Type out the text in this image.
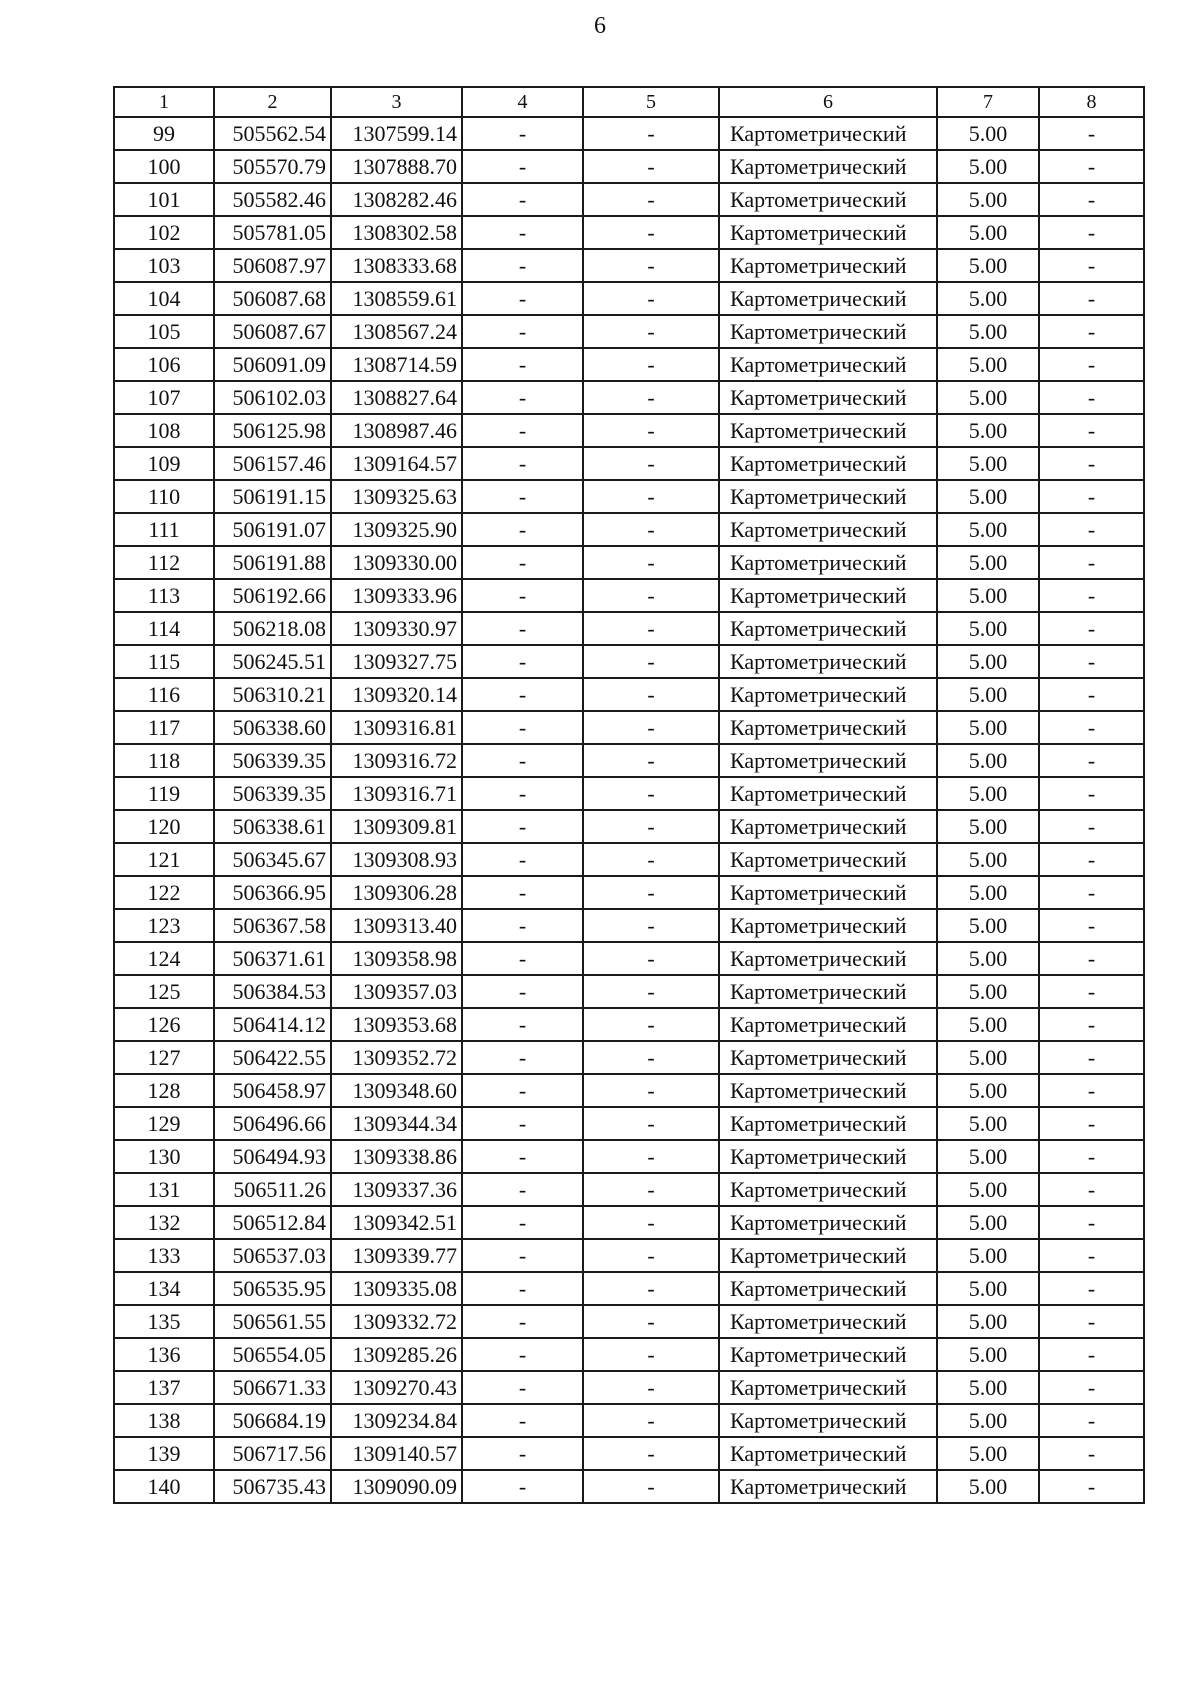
6
1	2	3	4	5	6	7	8
99	505562.54	1307599.14	-	-	Картометрический	5.00	-
100	505570.79	1307888.70	-	-	Картометрический	5.00	-
101	505582.46	1308282.46	-	-	Картометрический	5.00	-
102	505781.05	1308302.58	-	-	Картометрический	5.00	-
103	506087.97	1308333.68	-	-	Картометрический	5.00	-
104	506087.68	1308559.61	-	-	Картометрический	5.00	-
105	506087.67	1308567.24	-	-	Картометрический	5.00	-
106	506091.09	1308714.59	-	-	Картометрический	5.00	-
107	506102.03	1308827.64	-	-	Картометрический	5.00	-
108	506125.98	1308987.46	-	-	Картометрический	5.00	-
109	506157.46	1309164.57	-	-	Картометрический	5.00	-
110	506191.15	1309325.63	-	-	Картометрический	5.00	-
111	506191.07	1309325.90	-	-	Картометрический	5.00	-
112	506191.88	1309330.00	-	-	Картометрический	5.00	-
113	506192.66	1309333.96	-	-	Картометрический	5.00	-
114	506218.08	1309330.97	-	-	Картометрический	5.00	-
115	506245.51	1309327.75	-	-	Картометрический	5.00	-
116	506310.21	1309320.14	-	-	Картометрический	5.00	-
117	506338.60	1309316.81	-	-	Картометрический	5.00	-
118	506339.35	1309316.72	-	-	Картометрический	5.00	-
119	506339.35	1309316.71	-	-	Картометрический	5.00	-
120	506338.61	1309309.81	-	-	Картометрический	5.00	-
121	506345.67	1309308.93	-	-	Картометрический	5.00	-
122	506366.95	1309306.28	-	-	Картометрический	5.00	-
123	506367.58	1309313.40	-	-	Картометрический	5.00	-
124	506371.61	1309358.98	-	-	Картометрический	5.00	-
125	506384.53	1309357.03	-	-	Картометрический	5.00	-
126	506414.12	1309353.68	-	-	Картометрический	5.00	-
127	506422.55	1309352.72	-	-	Картометрический	5.00	-
128	506458.97	1309348.60	-	-	Картометрический	5.00	-
129	506496.66	1309344.34	-	-	Картометрический	5.00	-
130	506494.93	1309338.86	-	-	Картометрический	5.00	-
131	506511.26	1309337.36	-	-	Картометрический	5.00	-
132	506512.84	1309342.51	-	-	Картометрический	5.00	-
133	506537.03	1309339.77	-	-	Картометрический	5.00	-
134	506535.95	1309335.08	-	-	Картометрический	5.00	-
135	506561.55	1309332.72	-	-	Картометрический	5.00	-
136	506554.05	1309285.26	-	-	Картометрический	5.00	-
137	506671.33	1309270.43	-	-	Картометрический	5.00	-
138	506684.19	1309234.84	-	-	Картометрический	5.00	-
139	506717.56	1309140.57	-	-	Картометрический	5.00	-
140	506735.43	1309090.09	-	-	Картометрический	5.00	-
